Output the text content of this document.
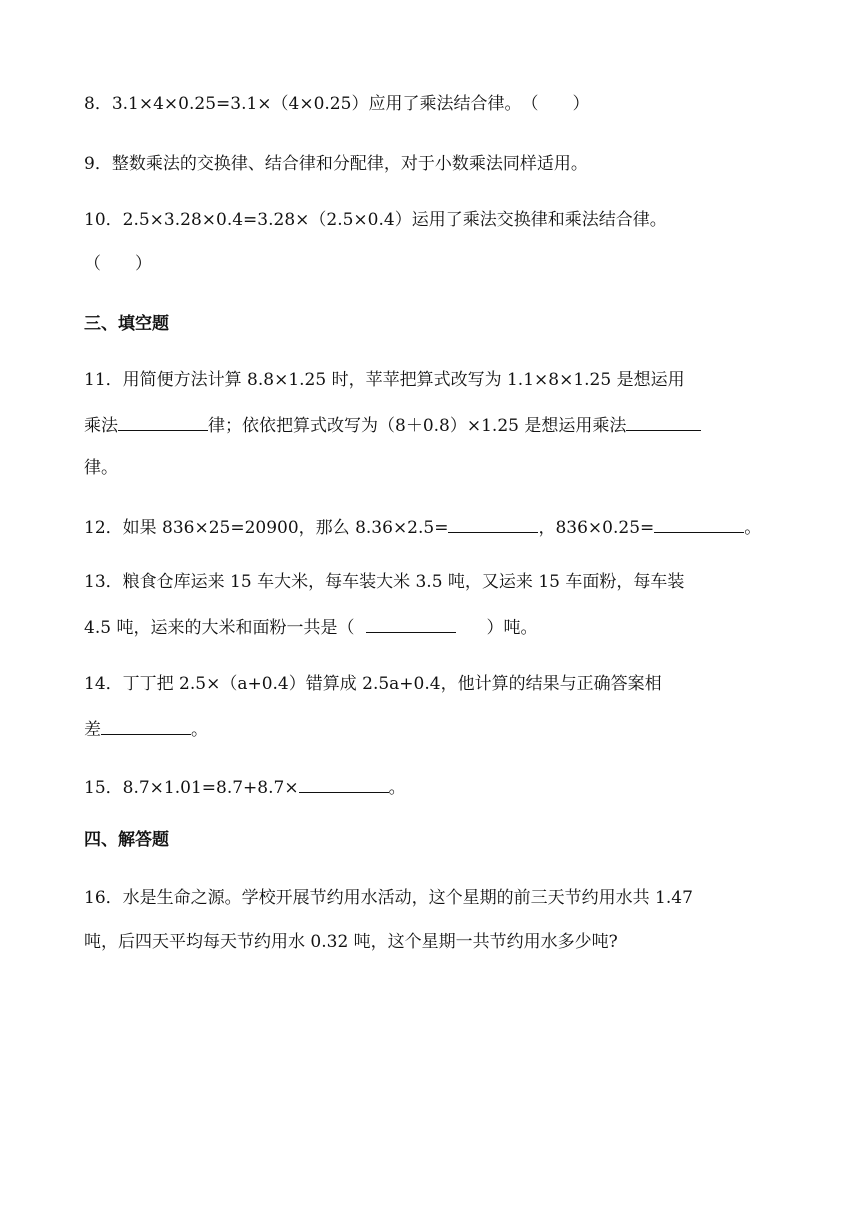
8．3.1×4×0.25=3.1×（4×0.25）应用了乘法结合律。　（　　）
9．整数乘法的交换律、结合律和分配律，对于小数乘法同样适用。
10．2.5×3.28×0.4=3.28×（2.5×0.4）运用了乘法交换律和乘法结合律。
（　　）
三、填空题
11．用简便方法计算 8.8×1.25 时，苹苹把算式改写为 1.1×8×1.25 是想运用
乘法	律；依依把算式改写为（8＋0.8）×1.25 是想运用乘法
律。
12．如果 836×25=20900，那么 8.36×2.5=	，836×0.25=	。
13．粮食仓库运来 15 车大米，每车装大米 3.5 吨，又运来 15 车面粉，每车装
4.5 吨，运来的大米和面粉一共是（	）吨。
14．丁丁把 2.5×（a+0.4）错算成 2.5a+0.4，他计算的结果与正确答案相
差	。
15．8.7×1.01=8.7+8.7×	。
四、解答题
16．水是生命之源。学校开展节约用水活动，这个星期的前三天节约用水共 1.47
吨，后四天平均每天节约用水 0.32 吨，这个星期一共节约用水多少吨?
